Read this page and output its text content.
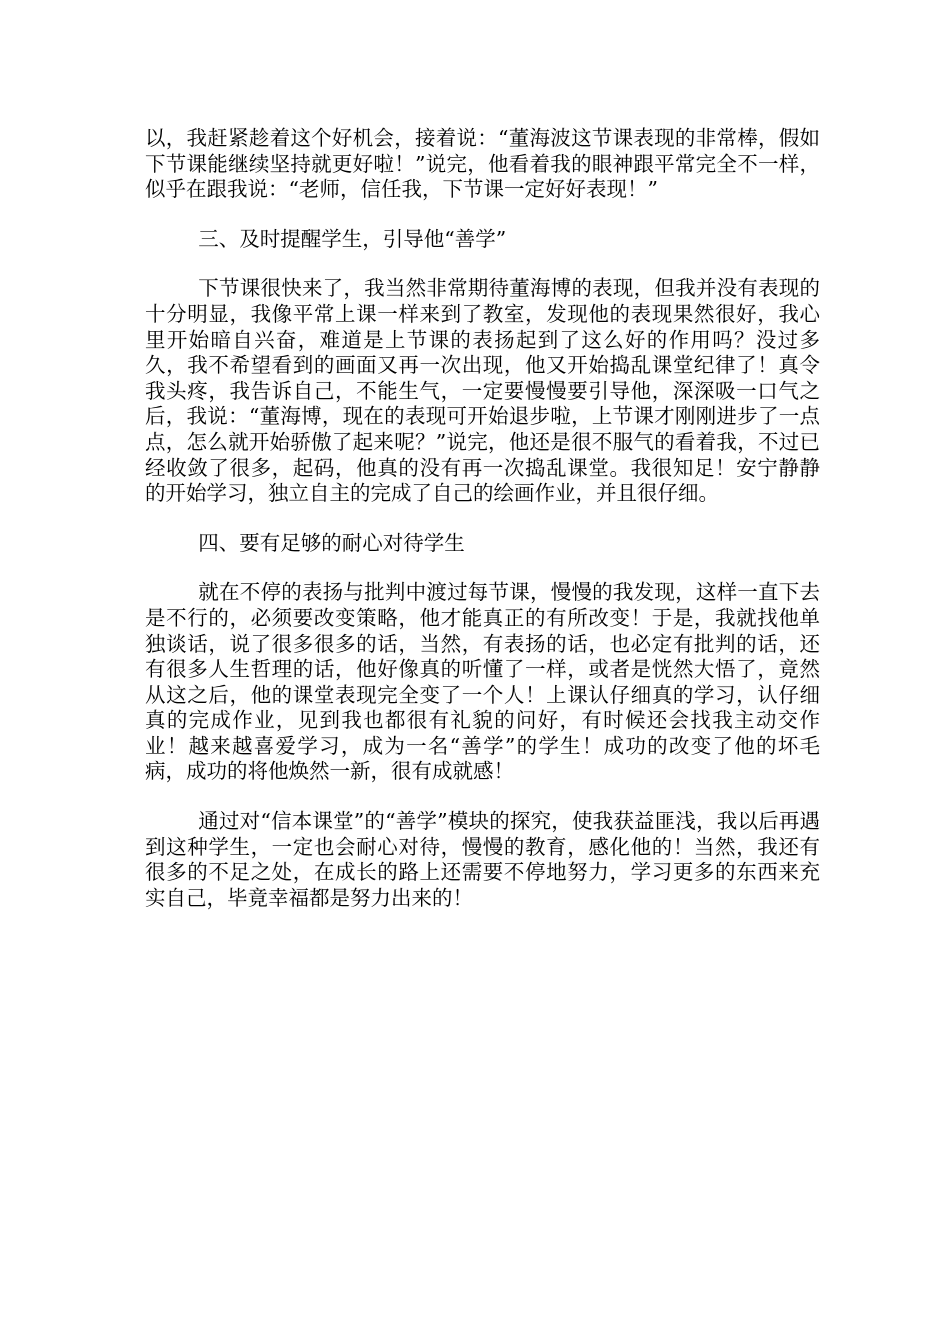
以，我赶紧趁着这个好机会，接着说：“董海波这节课表现的非常棒，假如下节课能继续坚持就更好啦！”说完，他看着我的眼神跟平常完全不一样，似乎在跟我说：“老师，信任我，下节课一定好好表现！”

三、及时提醒学生，引导他“善学”

下节课很快来了，我当然非常期待董海博的表现，但我并没有表现的十分明显，我像平常上课一样来到了教室，发现他的表现果然很好，我心里开始暗自兴奋，难道是上节课的表扬起到了这么好的作用吗？没过多久，我不希望看到的画面又再一次出现，他又开始捣乱课堂纪律了！真令我头疼，我告诉自己，不能生气，一定要慢慢要引导他，深深吸一口气之后，我说：“董海博，现在的表现可开始退步啦，上节课才刚刚进步了一点点，怎么就开始骄傲了起来呢？”说完，他还是很不服气的看着我，不过已经收敛了很多，起码，他真的没有再一次捣乱课堂。我很知足！安宁静静的开始学习，独立自主的完成了自己的绘画作业，并且很仔细。

四、要有足够的耐心对待学生

就在不停的表扬与批判中渡过每节课，慢慢的我发现，这样一直下去是不行的，必须要改变策略，他才能真正的有所改变！于是，我就找他单独谈话，说了很多很多的话，当然，有表扬的话，也必定有批判的话，还有很多人生哲理的话，他好像真的听懂了一样，或者是恍然大悟了，竟然从这之后，他的课堂表现完全变了一个人！上课认仔细真的学习，认仔细真的完成作业，见到我也都很有礼貌的问好，有时候还会找我主动交作业！越来越喜爱学习，成为一名“善学”的学生！成功的改变了他的坏毛病，成功的将他焕然一新，很有成就感！

通过对“信本课堂”的“善学”模块的探究，使我获益匪浅，我以后再遇到这种学生，一定也会耐心对待，慢慢的教育，感化他的！当然，我还有很多的不足之处，在成长的路上还需要不停地努力，学习更多的东西来充实自己，毕竟幸福都是努力出来的！
